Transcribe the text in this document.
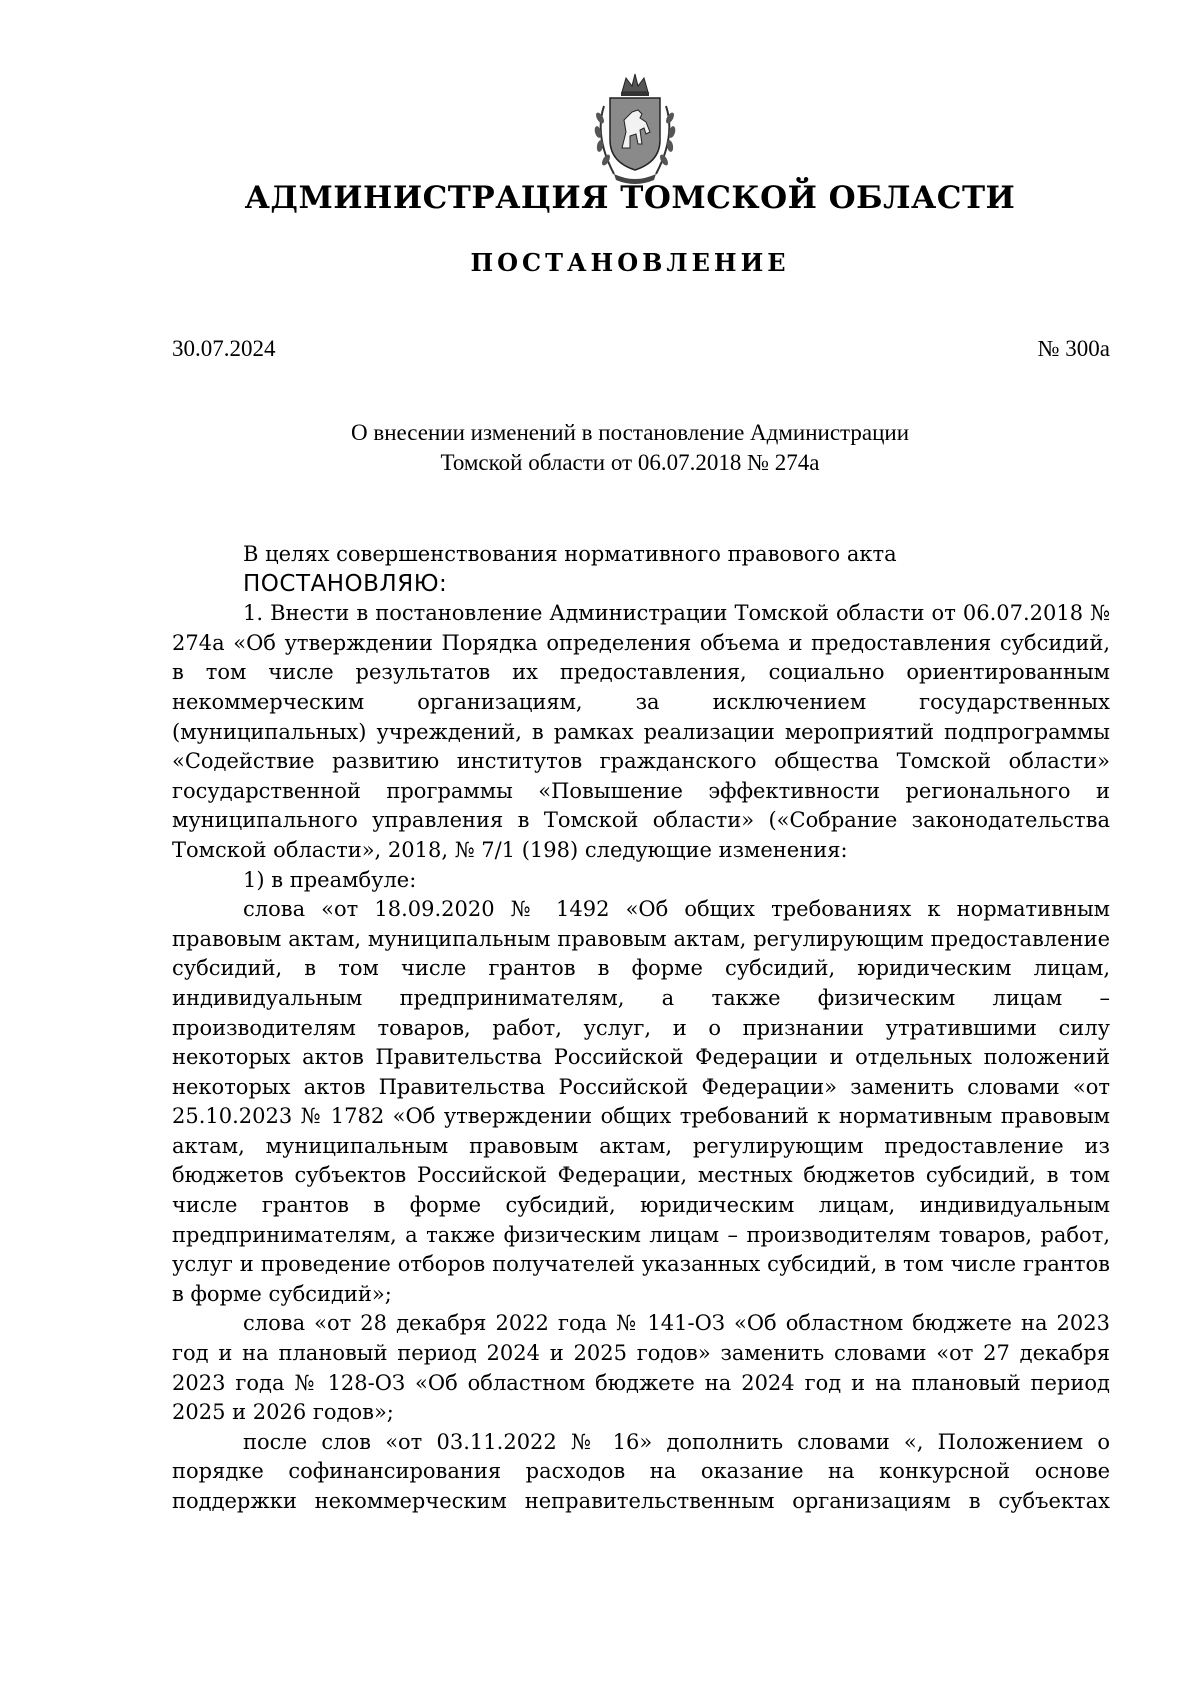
АДМИНИСТРАЦИЯ ТОМСКОЙ ОБЛАСТИ
ПОСТАНОВЛЕНИЕ
30.07.2024	№ 300а
О внесении изменений в постановление Администрации
Томской области от 06.07.2018 № 274а

В целях совершенствования нормативного правового акта

ПОСТАНОВЛЯЮ:

1. Внести в постановление Администрации Томской области от 06.07.2018 № 274а «Об утверждении Порядка определения объема и предоставления субсидий, в том числе результатов их предоставления, социально ориентированным некоммерческим организациям, за исключением государственных (муниципальных) учреждений, в рамках реализации мероприятий подпрограммы «Содействие развитию институтов гражданского общества Томской области» государственной программы «Повышение эффективности регионального и муниципального управления в Томской области» («Собрание законодательства Томской области», 2018, № 7/1 (198) следующие изменения:

1) в преамбуле:

слова «от 18.09.2020 № 1492 «Об общих требованиях к нормативным правовым актам, муниципальным правовым актам, регулирующим предоставление субсидий, в том числе грантов в форме субсидий, юридическим лицам, индивидуальным предпринимателям, а также физическим лицам – производителям товаров, работ, услуг, и о признании утратившими силу некоторых актов Правительства Российской Федерации и отдельных положений некоторых актов Правительства Российской Федерации» заменить словами «от 25.10.2023 № 1782 «Об утверждении общих требований к нормативным правовым актам, муниципальным правовым актам, регулирующим предоставление из бюджетов субъектов Российской Федерации, местных бюджетов субсидий, в том числе грантов в форме субсидий, юридическим лицам, индивидуальным предпринимателям, а также физическим лицам – производителям товаров, работ, услуг и проведение отборов получателей указанных субсидий, в том числе грантов в форме субсидий»;

слова «от 28 декабря 2022 года № 141-ОЗ «Об областном бюджете на 2023 год и на плановый период 2024 и 2025 годов» заменить словами «от 27 декабря 2023 года № 128-ОЗ «Об областном бюджете на 2024 год и на плановый период 2025 и 2026 годов»;

после слов «от 03.11.2022 № 16» дополнить словами «, Положением о порядке софинансирования расходов на оказание на конкурсной основе поддержки некоммерческим неправительственным организациям в субъектах
